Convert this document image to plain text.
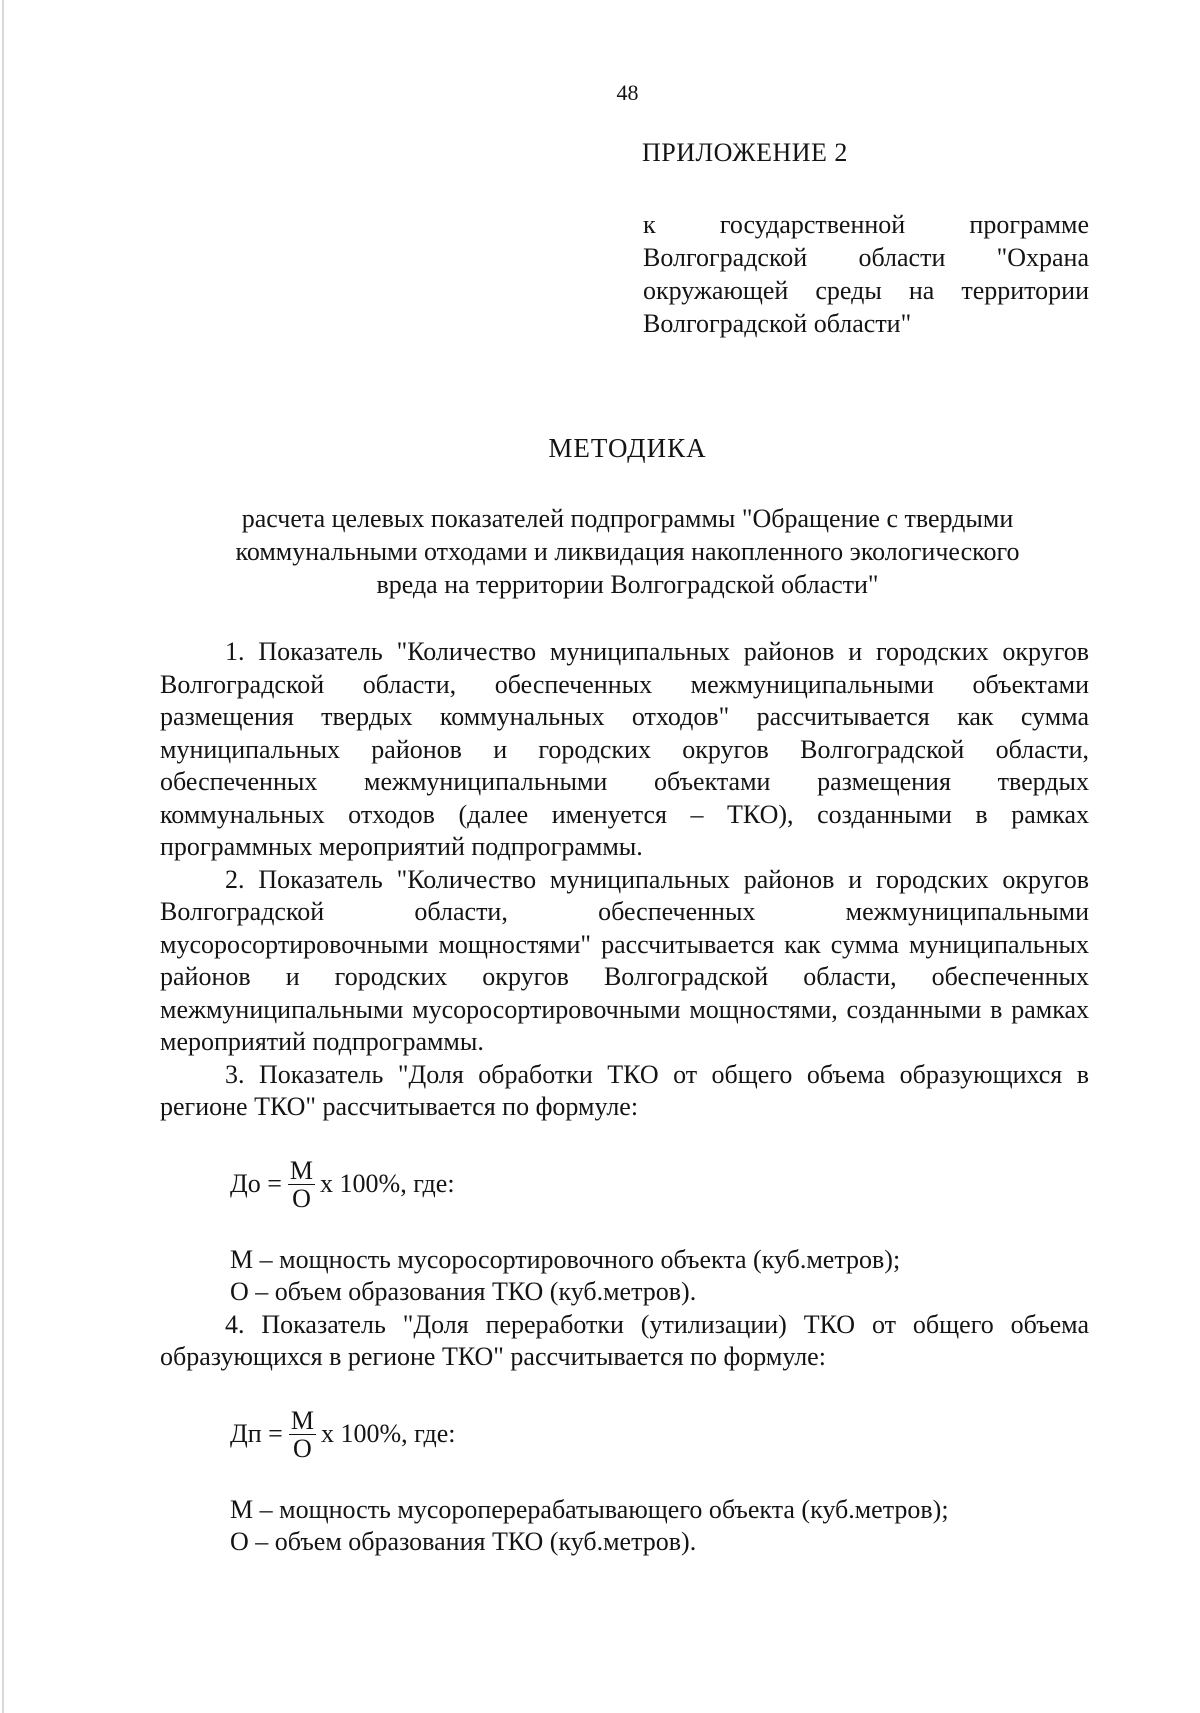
48
ПРИЛОЖЕНИЕ 2
к государственной программе Волгоградской области "Охрана окружающей среды на территории Волгоградской области"
МЕТОДИКА
расчета целевых показателей подпрограммы "Обращение с твердыми
коммунальными отходами и ликвидация накопленного экологического
вреда на территории Волгоградской области"

1. Показатель "Количество муниципальных районов и городских округов Волгоградской области, обеспеченных межмуниципальными объектами размещения твердых коммунальных отходов" рассчитывается как сумма муниципальных районов и городских округов Волгоградской области, обеспеченных межмуниципальными объектами размещения твердых коммунальных отходов (далее именуется – ТКО), созданными в рамках программных мероприятий подпрограммы.

2. Показатель "Количество муниципальных районов и городских округов Волгоградской области, обеспеченных межмуниципальными мусоросортировочными мощностями" рассчитывается как сумма муниципальных районов и городских округов Волгоградской области, обеспеченных межмуниципальными мусоросортировочными мощностями, созданными в рамках мероприятий подпрограммы.

3. Показатель "Доля обработки ТКО от общего объема образующихся в регионе ТКО" рассчитывается по формуле:

До = $\frac{М}{О}$ х 100%, где:

М – мощность мусоросортировочного объекта (куб.метров);

О – объем образования ТКО (куб.метров).

4. Показатель "Доля переработки (утилизации) ТКО от общего объема образующихся в регионе ТКО" рассчитывается по формуле:

Дп = $\frac{М}{О}$ х 100%, где:

М – мощность мусороперерабатывающего объекта (куб.метров);

О – объем образования ТКО (куб.метров).
